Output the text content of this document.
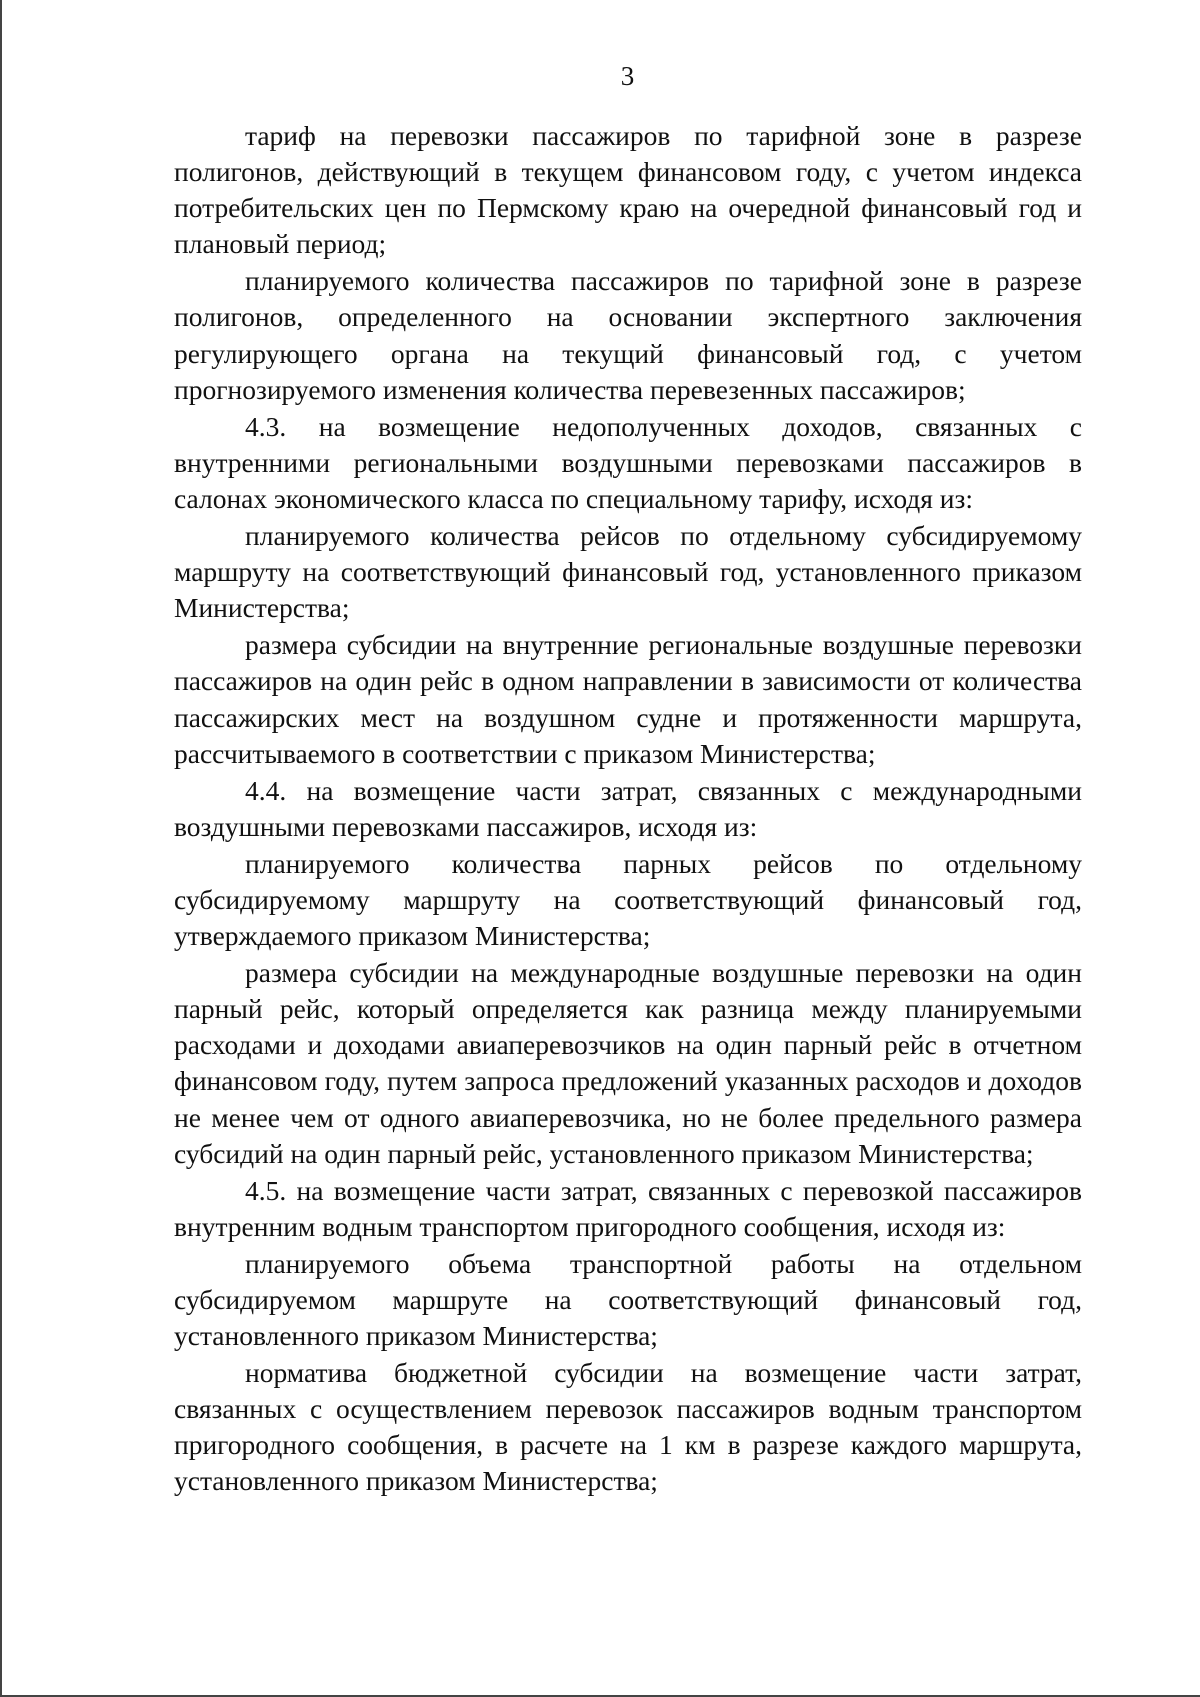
3

тариф на перевозки пассажиров по тарифной зоне в разрезе полигонов, действующий в текущем финансовом году, с учетом индекса потребительских цен по Пермскому краю на очередной финансовый год и плановый период;

планируемого количества пассажиров по тарифной зоне в разрезе полигонов, определенного на основании экспертного заключения регулирующего органа на текущий финансовый год, с учетом прогнозируемого изменения количества перевезенных пассажиров;

4.3. на возмещение недополученных доходов, связанных с внутренними региональными воздушными перевозками пассажиров в салонах экономического класса по специальному тарифу, исходя из:

планируемого количества рейсов по отдельному субсидируемому маршруту на соответствующий финансовый год, установленного приказом Министерства;

размера субсидии на внутренние региональные воздушные перевозки пассажиров на один рейс в одном направлении в зависимости от количества пассажирских мест на воздушном судне и протяженности маршрута, рассчитываемого в соответствии с приказом Министерства;

4.4. на возмещение части затрат, связанных с международными воздушными перевозками пассажиров, исходя из:

планируемого количества парных рейсов по отдельному субсидируемому маршруту на соответствующий финансовый год, утверждаемого приказом Министерства;

размера субсидии на международные воздушные перевозки на один парный рейс, который определяется как разница между планируемыми расходами и доходами авиаперевозчиков на один парный рейс в отчетном финансовом году, путем запроса предложений указанных расходов и доходов не менее чем от одного авиаперевозчика, но не более предельного размера субсидий на один парный рейс, установленного приказом Министерства;

4.5. на возмещение части затрат, связанных с перевозкой пассажиров внутренним водным транспортом пригородного сообщения, исходя из:

планируемого объема транспортной работы на отдельном субсидируемом маршруте на соответствующий финансовый год, установленного приказом Министерства;

норматива бюджетной субсидии на возмещение части затрат, связанных с осуществлением перевозок пассажиров водным транспортом пригородного сообщения, в расчете на 1 км в разрезе каждого маршрута, установленного приказом Министерства;
